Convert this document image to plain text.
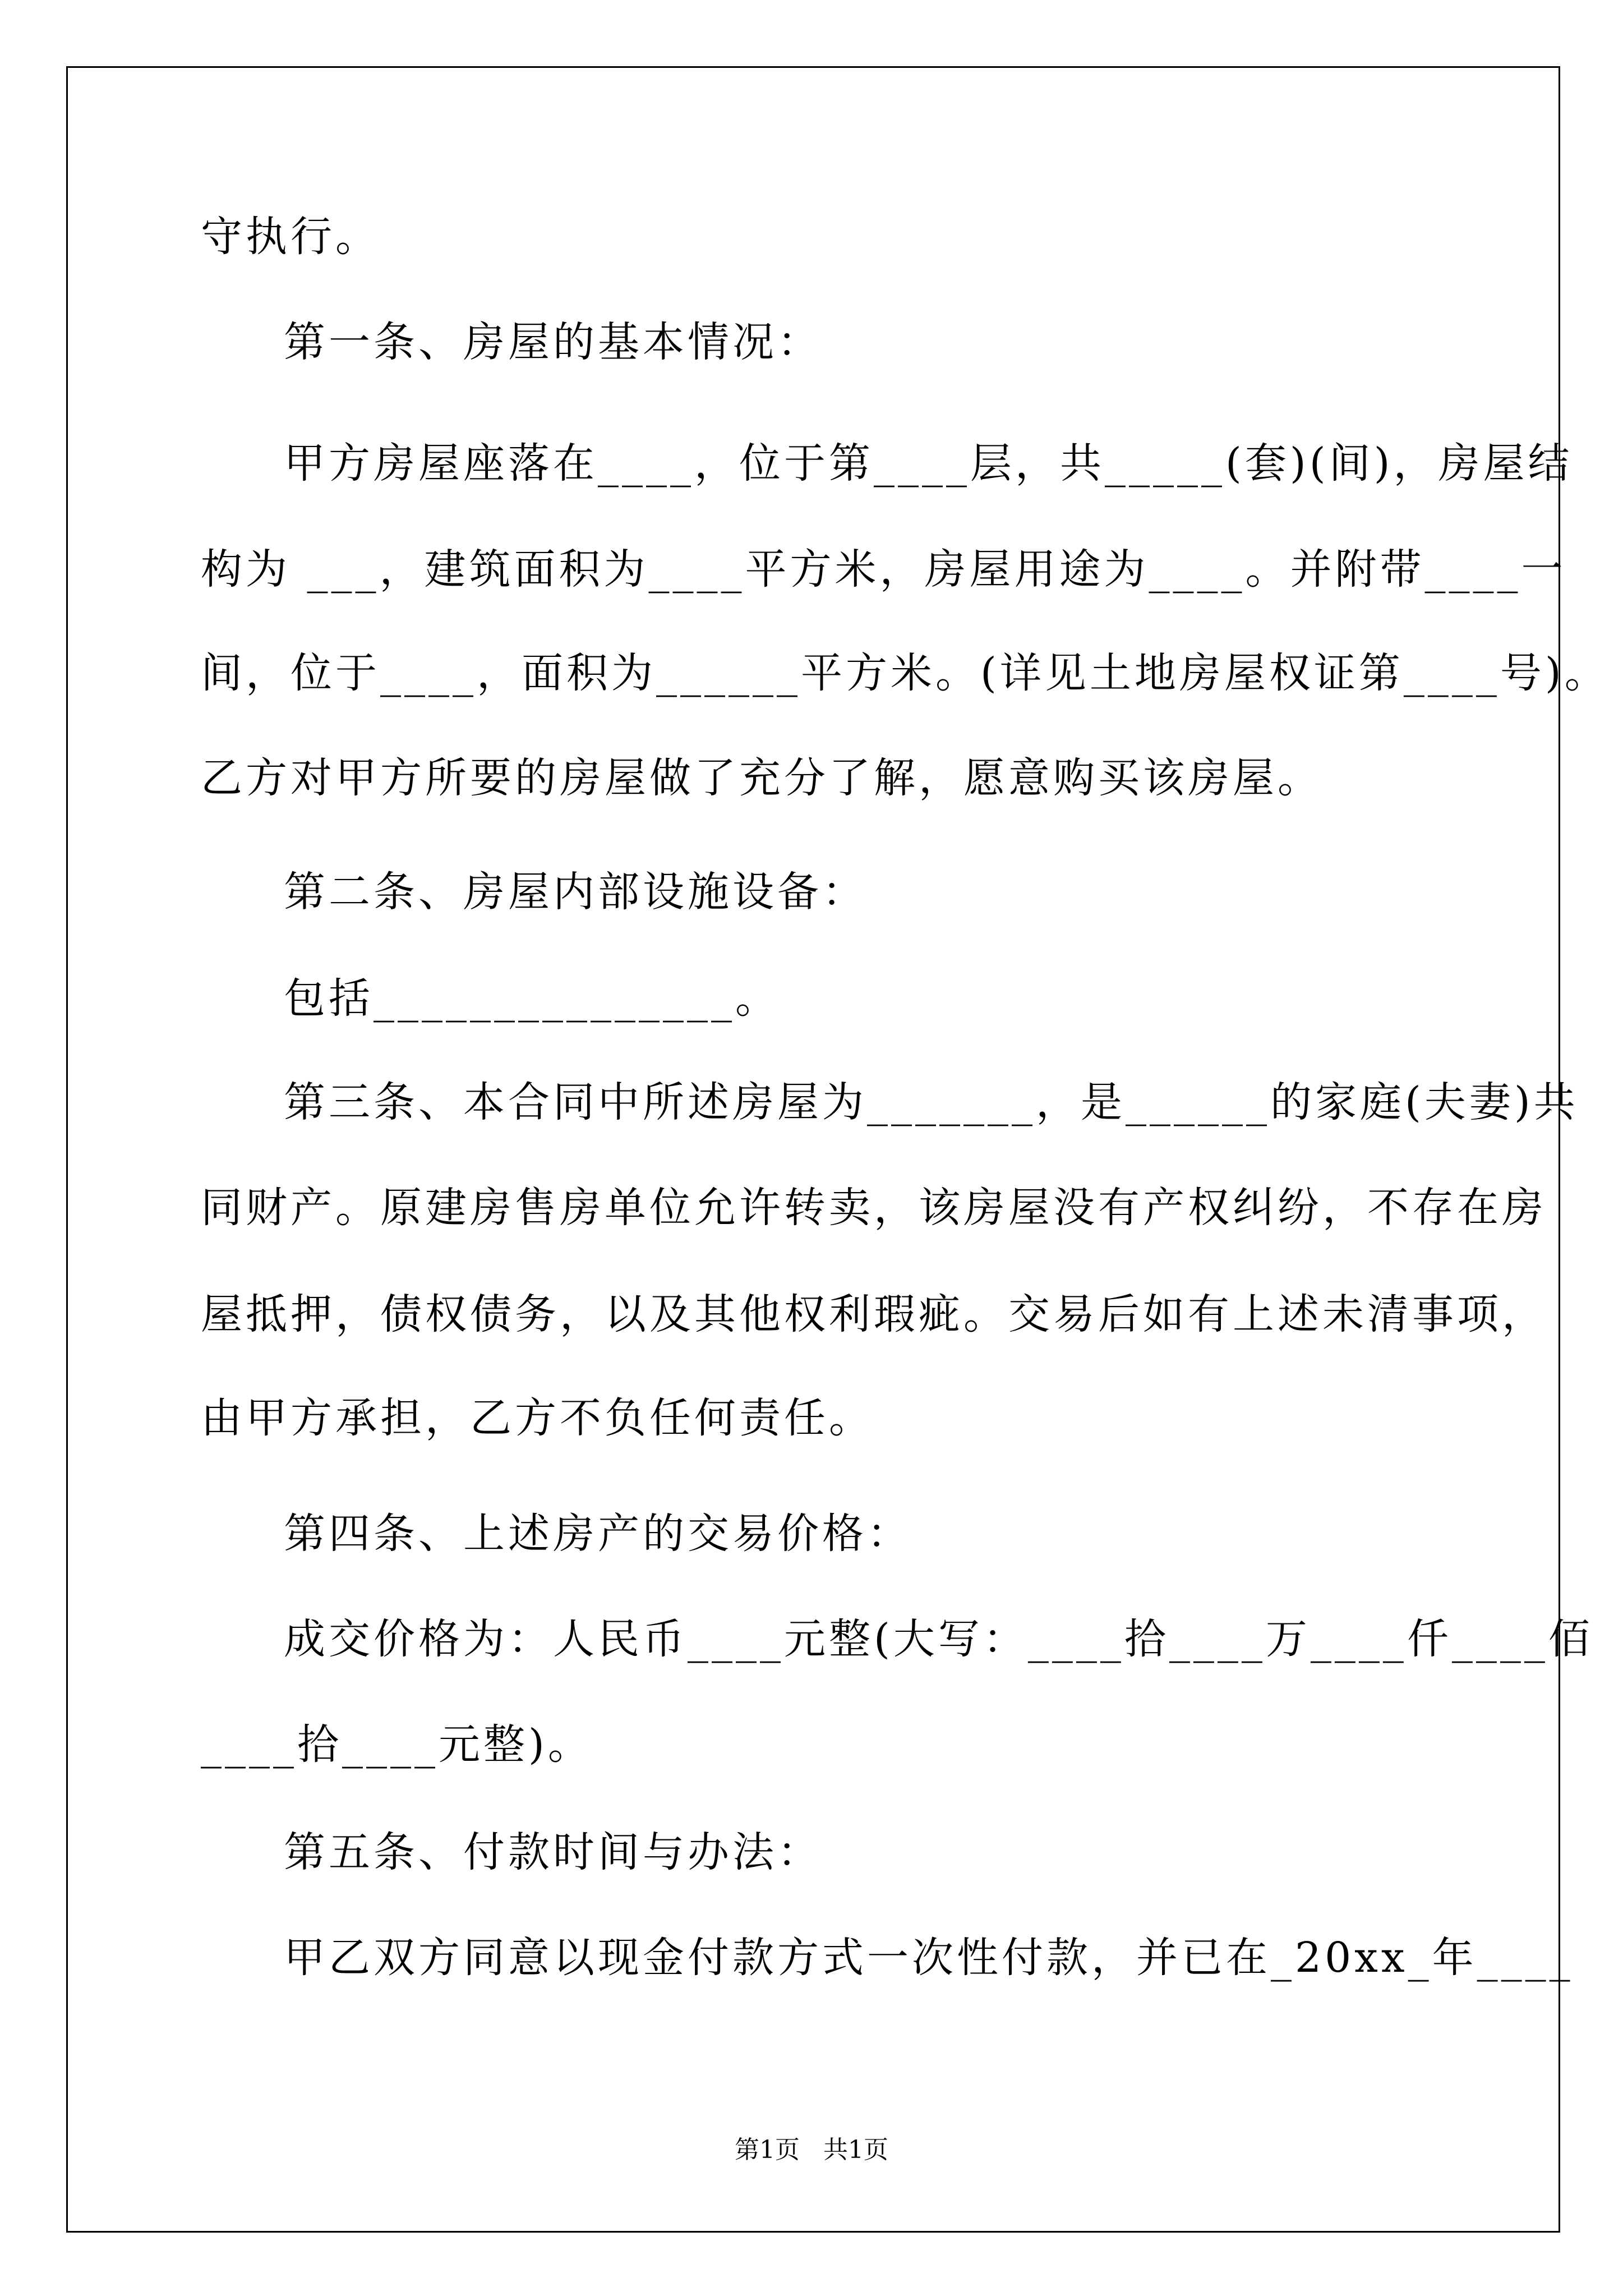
守执行。
第一条、房屋的基本情况：
甲方房屋座落在____，位于第____层，共_____(套)(间)，房屋结
构为 ___，建筑面积为____平方米，房屋用途为____。并附带____一
间，位于____，面积为______平方米。(详见土地房屋权证第____号)。
乙方对甲方所要的房屋做了充分了解，愿意购买该房屋。
第二条、房屋内部设施设备：
包括_______________。
第三条、本合同中所述房屋为_______，是______的家庭(夫妻)共
同财产。原建房售房单位允许转卖，该房屋没有产权纠纷，不存在房
屋抵押，债权债务，以及其他权利瑕疵。交易后如有上述未清事项，
由甲方承担，乙方不负任何责任。
第四条、上述房产的交易价格：
成交价格为：人民币____元整(大写：____拾____万____仟____佰
____拾____元整)。
第五条、付款时间与办法：
甲乙双方同意以现金付款方式一次性付款，并已在_20xx_年____
第1页   共1页
